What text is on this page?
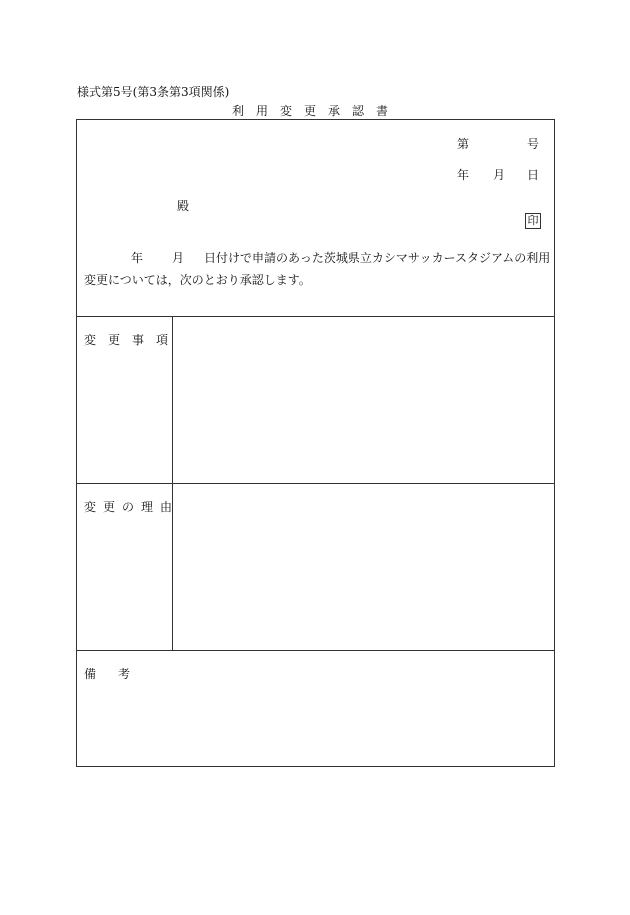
様式第5号(第3条第3項関係)
利用変更承認書
第	号
年 月 日
殿
印
年 月 日付けで申請のあった茨城県立カシマサッカースタジアムの利用
変更については，次のとおり承認します。
変更事項
変更の理由
備考
